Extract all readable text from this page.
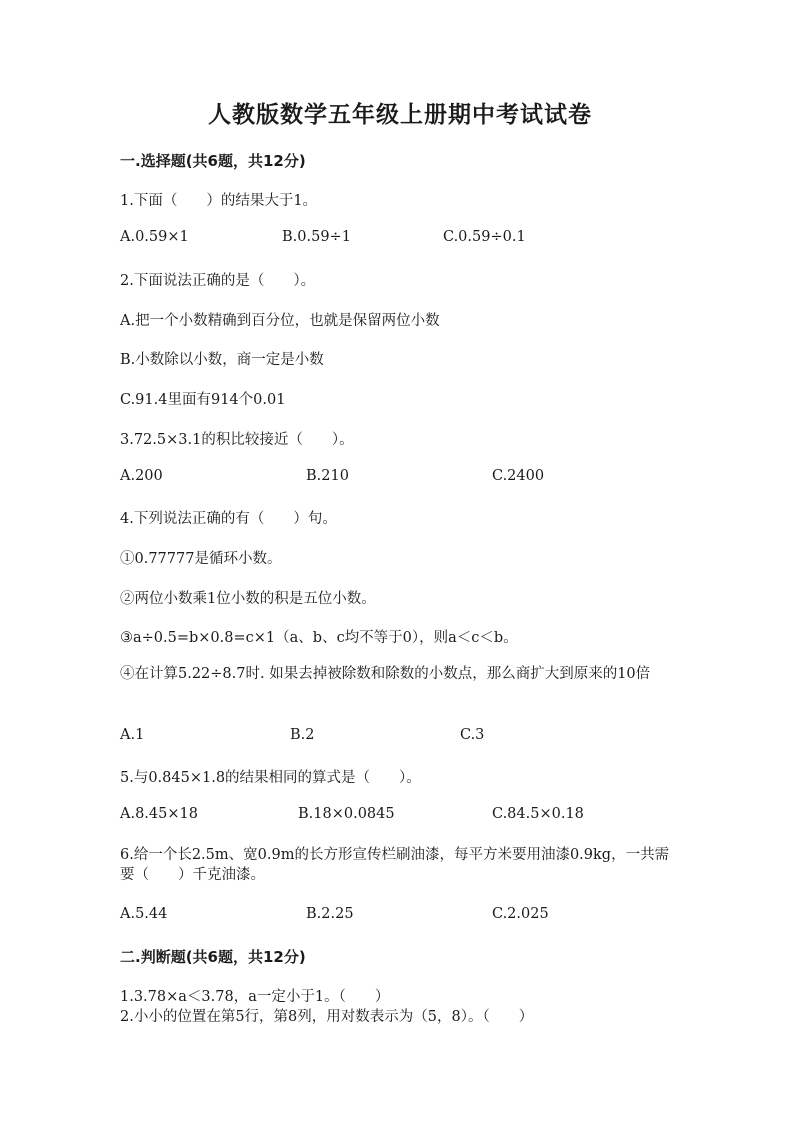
人教版数学五年级上册期中考试试卷
一.选择题(共6题，共12分)
1.下面（　　）的结果大于1。
A.0.59×1	B.0.59÷1	C.0.59÷0.1
2.下面说法正确的是（　　）。
A.把一个小数精确到百分位，也就是保留两位小数
B.小数除以小数，商一定是小数
C.91.4里面有914个0.01
3.72.5×3.1的积比较接近（　　）。
A.200	B.210	C.2400
4.下列说法正确的有（　　）句。
①0.77777是循环小数。
②两位小数乘1位小数的积是五位小数。
③a÷0.5=b×0.8=c×1（a、b、c均不等于0），则a＜c＜b。
④在计算5.22÷8.7时. 如果去掉被除数和除数的小数点，那么商扩大到原来的10倍
A.1	B.2	C.3
5.与0.845×1.8的结果相同的算式是（　　）。
A.8.45×18	B.18×0.0845	C.84.5×0.18
6.给一个长2.5m、宽0.9m的长方形宣传栏刷油漆，每平方米要用油漆0.9kg，一共需要（　　）千克油漆。
A.5.44	B.2.25	C.2.025
二.判断题(共6题，共12分)
1.3.78×a＜3.78，a一定小于1。（　　）
2.小小的位置在第5行，第8列，用对数表示为（5，8）。（　　）
